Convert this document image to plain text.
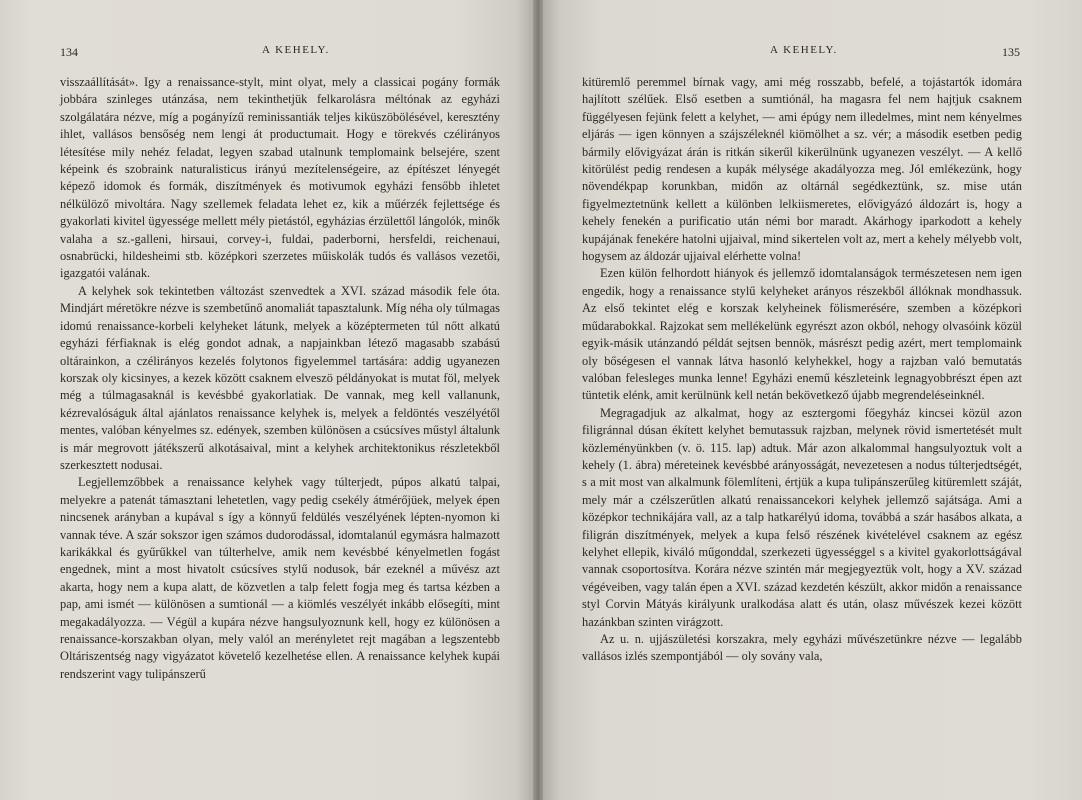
134	A KEHELY.

visszaállítását». Igy a renaissance-stylt, mint olyat, mely a classicai pogány formák jobbára szinleges utánzása, nem tekinthetjük felkarolásra méltónak az egyházi szolgálatára nézve, míg a pogányízű reminissantiák teljes kiküszöbölésével, keresztény ihlet, vallásos bensőség nem lengi át productumait. Hogy e törekvés czélirányos létesítése mily nehéz feladat, legyen szabad utalnunk templomaink belsejére, szent képeink és szobraink naturalisticus irányú mezítelenségeire, az építészet lényegét képező idomok és formák, diszítmények és motivumok egyházi fensőbb ihletet nélkülöző mivoltára. Nagy szellemek feladata lehet ez, kik a műérzék fejlettsége és gyakorlati kivitel ügyessége mellett mély pietástól, egyházias érzülettől lángolók, minők valaha a sz.-galleni, hirsaui, corvey-i, fuldai, paderborni, hersfeldi, reichenaui, osnabrücki, hildesheimi stb. középkori szerzetes műiskolák tudós és vallásos vezetői, igazgatói valának.

A kelyhek sok tekintetben változást szenvedtek a XVI. század második fele óta. Mindjárt méretökre nézve is szembetűnő anomaliát tapasztalunk. Míg néha oly túlmagas idomú renaissance-korbeli kelyheket látunk, melyek a középtermeten túl nőtt alkatú egyházi férfiaknak is elég gondot adnak, a napjainkban létező magasabb szabású oltárainkon, a czélirányos kezelés folytonos figyelemmel tartására: addig ugyanezen korszak oly kicsinyes, a kezek között csaknem elveszö példányokat is mutat föl, melyek még a túlmagasaknál is kevésbbé gyakorlatiak. De vannak, meg kell vallanunk, kézrevalóságuk által ajánlatos renaissance kelyhek is, melyek a feldöntés veszélyétől mentes, valóban kényelmes sz. edények, szemben különösen a csúcsíves műstyl általunk is már megrovott játékszerű alkotásaival, mint a kelyhek architektonikus részletekből szerkesztett nodusai.

Legjellemzőbbek a renaissance kelyhek vagy túlterjedt, púpos alkatú talpai, melyekre a patenát támasztani lehetetlen, vagy pedig csekély átmérőjüek, melyek épen nincsenek arányban a kupával s így a könnyű feldülés veszélyének lépten-nyomon ki vannak téve. A szár sokszor igen számos dudorodással, idomtalanúl egymásra halmazott karikákkal és gyűrűkkel van túlterhelve, amik nem kevésbbé kényelmetlen fogást engednek, mint a most hivatolt csúcsíves stylű nodusok, bár ezeknél a művész azt akarta, hogy nem a kupa alatt, de közvetlen a talp felett fogja meg és tartsa kézben a pap, ami ismét — különösen a sumtionál — a kiömlés veszélyét inkább elősegíti, mint megakadályozza. — Végül a kupára nézve hangsulyoznunk kell, hogy ez különösen a renaissance-korszakban olyan, mely valól an merényletet rejt magában a legszentebb Oltáriszentség nagy vigyázatot követelő kezelhetése ellen. A renaissance kelyhek kupái rendszerint vagy tulipánszerű

A KEHELY.	135

kitüremlő peremmel bírnak vagy, ami még rosszabb, befelé, a tojástartók idomára hajlított szélűek. Első esetben a sumtiónál, ha magasra fel nem hajtjuk csaknem függélyesen fejünk felett a kelyhet, — ami épúgy nem illedelmes, mint nem kényelmes eljárás — igen könnyen a szájszéleknél kiömölhet a sz. vér; a második esetben pedig bármily elővigyázat árán is ritkán sikerűl kikerülnünk ugyanezen veszélyt. — A kellő kitörülést pedig rendesen a kupák mélysége akadályozza meg. Jól emlékezünk, hogy növendékpap korunkban, midőn az oltárnál segédkeztünk, sz. mise után figyelmeztetnünk kellett a különben lelkiismeretes, elővigyázó áldozárt is, hogy a kehely fenekén a purificatio után némi bor maradt. Akárhogy iparkodott a kehely kupájának fenekére hatolni ujjaival, mind sikertelen volt az, mert a kehely mélyebb volt, hogysem az áldozár ujjaival elérhette volna!

Ezen külön felhordott hiányok és jellemző idomtalanságok természetesen nem igen engedik, hogy a renaissance stylű kelyheket arányos részekből állóknak mondhassuk. Az első tekintet elég e korszak kelyheinek fölismerésére, szemben a középkori műdarabokkal. Rajzokat sem mellékelünk egyrészt azon okból, nehogy olvasóink közül egyik-másik utánzandó példát sejtsen bennök, másrészt pedig azért, mert templomaink oly bőségesen el vannak látva hasonló kelyhekkel, hogy a rajzban való bemutatás valóban felesleges munka lenne! Egyházi enemű készleteink legnagyobbrészt épen azt tüntetik elénk, amit kerülnünk kell netán bekövetkező újabb megrendeléseinknél.

Megragadjuk az alkalmat, hogy az esztergomi főegyház kincsei közül azon filigránnal dúsan ékített kelyhet bemutassuk rajzban, melynek rövid ismertetését mult közleményünkben (v. ö. 115. lap) adtuk. Már azon alkalommal hangsulyoztuk volt a kehely (1. ábra) méreteinek kevésbbé arányosságát, nevezetesen a nodus túlterjedtségét, s a mit most van alkalmunk fölemlíteni, értjük a kupa tulipánszerűleg kitüremlett száját, mely már a czélszerűtlen alkatú renaissancekori kelyhek jellemző sajátsága. Ami a középkor technikájára vall, az a talp hatkarélyú idoma, továbbá a szár hasábos alkata, a filigrán diszítmények, melyek a kupa felső részének kivételével csaknem az egész kelyhet ellepik, kiváló műgonddal, szerkezeti ügyességgel s a kivitel gyakorlottságával vannak csoportosítva. Korára nézve szintén már megjegyeztük volt, hogy a XV. század végéveiben, vagy talán épen a XVI. század kezdetén készült, akkor midőn a renaissance styl Corvin Mátyás királyunk uralkodása alatt és után, olasz művészek kezei között hazánkban szinten virágzott.

Az u. n. ujjászületési korszakra, mely egyházi művészetünkre nézve — legalább vallásos izlés szempontjából — oly sovány vala,
